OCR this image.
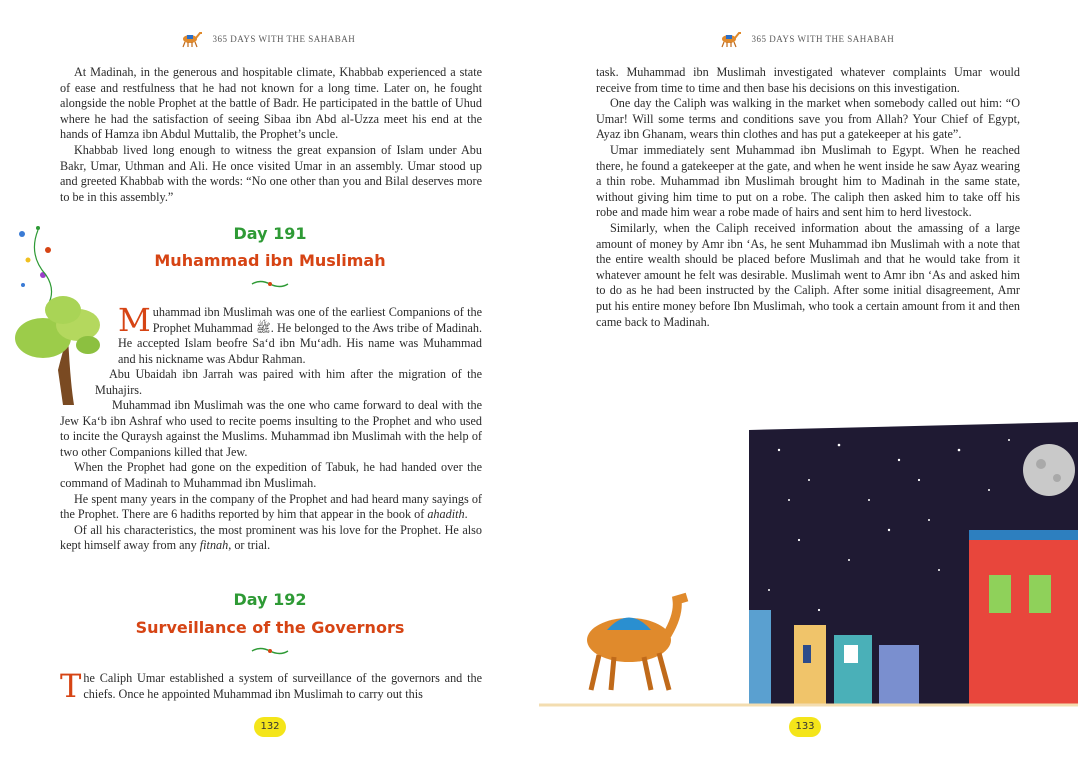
365 DAYS WITH THE SAHABAH

At Madinah, in the generous and hospitable climate, Khabbab experienced a state of ease and restfulness that he had not known for a long time. Later on, he fought alongside the noble Prophet at the battle of Badr. He participated in the battle of Uhud where he had the satisfaction of seeing Sibaa ibn Abd al-Uzza meet his end at the hands of Hamza ibn Abdul Muttalib, the Prophet’s uncle.

Khabbab lived long enough to witness the great expansion of Islam under Abu Bakr, Umar, Uthman and Ali. He once visited Umar in an assembly. Umar stood up and greeted Khabbab with the words: “No one other than you and Bilal deserves more to be in this assembly.”

Day 191
Muhammad ibn Muslimah

Muhammad ibn Muslimah was one of the earliest Companions of the Prophet Muhammad ﷺ. He belonged to the Aws tribe of Madinah. He accepted Islam beofre Sa‘d ibn Mu‘adh. His name was Muhammad and his nickname was Abdur Rahman.

Abu Ubaidah ibn Jarrah was paired with him after the migration of the Muhajirs.

Muhammad ibn Muslimah was the one who came forward to deal with the Jew Ka‘b ibn Ashraf who used to recite poems insulting to the Prophet and who used to incite the Quraysh against the Muslims. Muhammad ibn Muslimah with the help of two other Companions killed that Jew.

When the Prophet had gone on the expedition of Tabuk, he had handed over the command of Madinah to Muhammad ibn Muslimah.

He spent many years in the company of the Prophet and had heard many sayings of the Prophet. There are 6 hadiths reported by him that appear in the book of ahadith.

Of all his characteristics, the most prominent was his love for the Prophet. He also kept himself away from any fitnah, or trial.

Day 192
Surveillance of the Governors

The Caliph Umar established a system of surveillance of the governors and the chiefs. Once he appointed Muhammad ibn Muslimah to carry out this

132
365 DAYS WITH THE SAHABAH

task. Muhammad ibn Muslimah investigated whatever complaints Umar would receive from time to time and then base his decisions on this investigation.

One day the Caliph was walking in the market when somebody called out him: “O Umar! Will some terms and conditions save you from Allah? Your Chief of Egypt, Ayaz ibn Ghanam, wears thin clothes and has put a gatekeeper at his gate”.

Umar immediately sent Muhammad ibn Muslimah to Egypt. When he reached there, he found a gatekeeper at the gate, and when he went inside he saw Ayaz wearing a thin robe. Muhammad ibn Muslimah brought him to Madinah in the same state, without giving him time to put on a robe. The caliph then asked him to take off his robe and made him wear a robe made of hairs and sent him to herd livestock.

Similarly, when the Caliph received information about the amassing of a large amount of money by Amr ibn ‘As, he sent Muhammad ibn Muslimah with a note that the entire wealth should be placed before Muslimah and that he would take from it whatever amount he felt was desirable. Muslimah went to Amr ibn ‘As and asked him to do as he had been instructed by the Caliph. After some initial disagreement, Amr put his entire money before Ibn Muslimah, who took a certain amount from it and then came back to Madinah.

133
